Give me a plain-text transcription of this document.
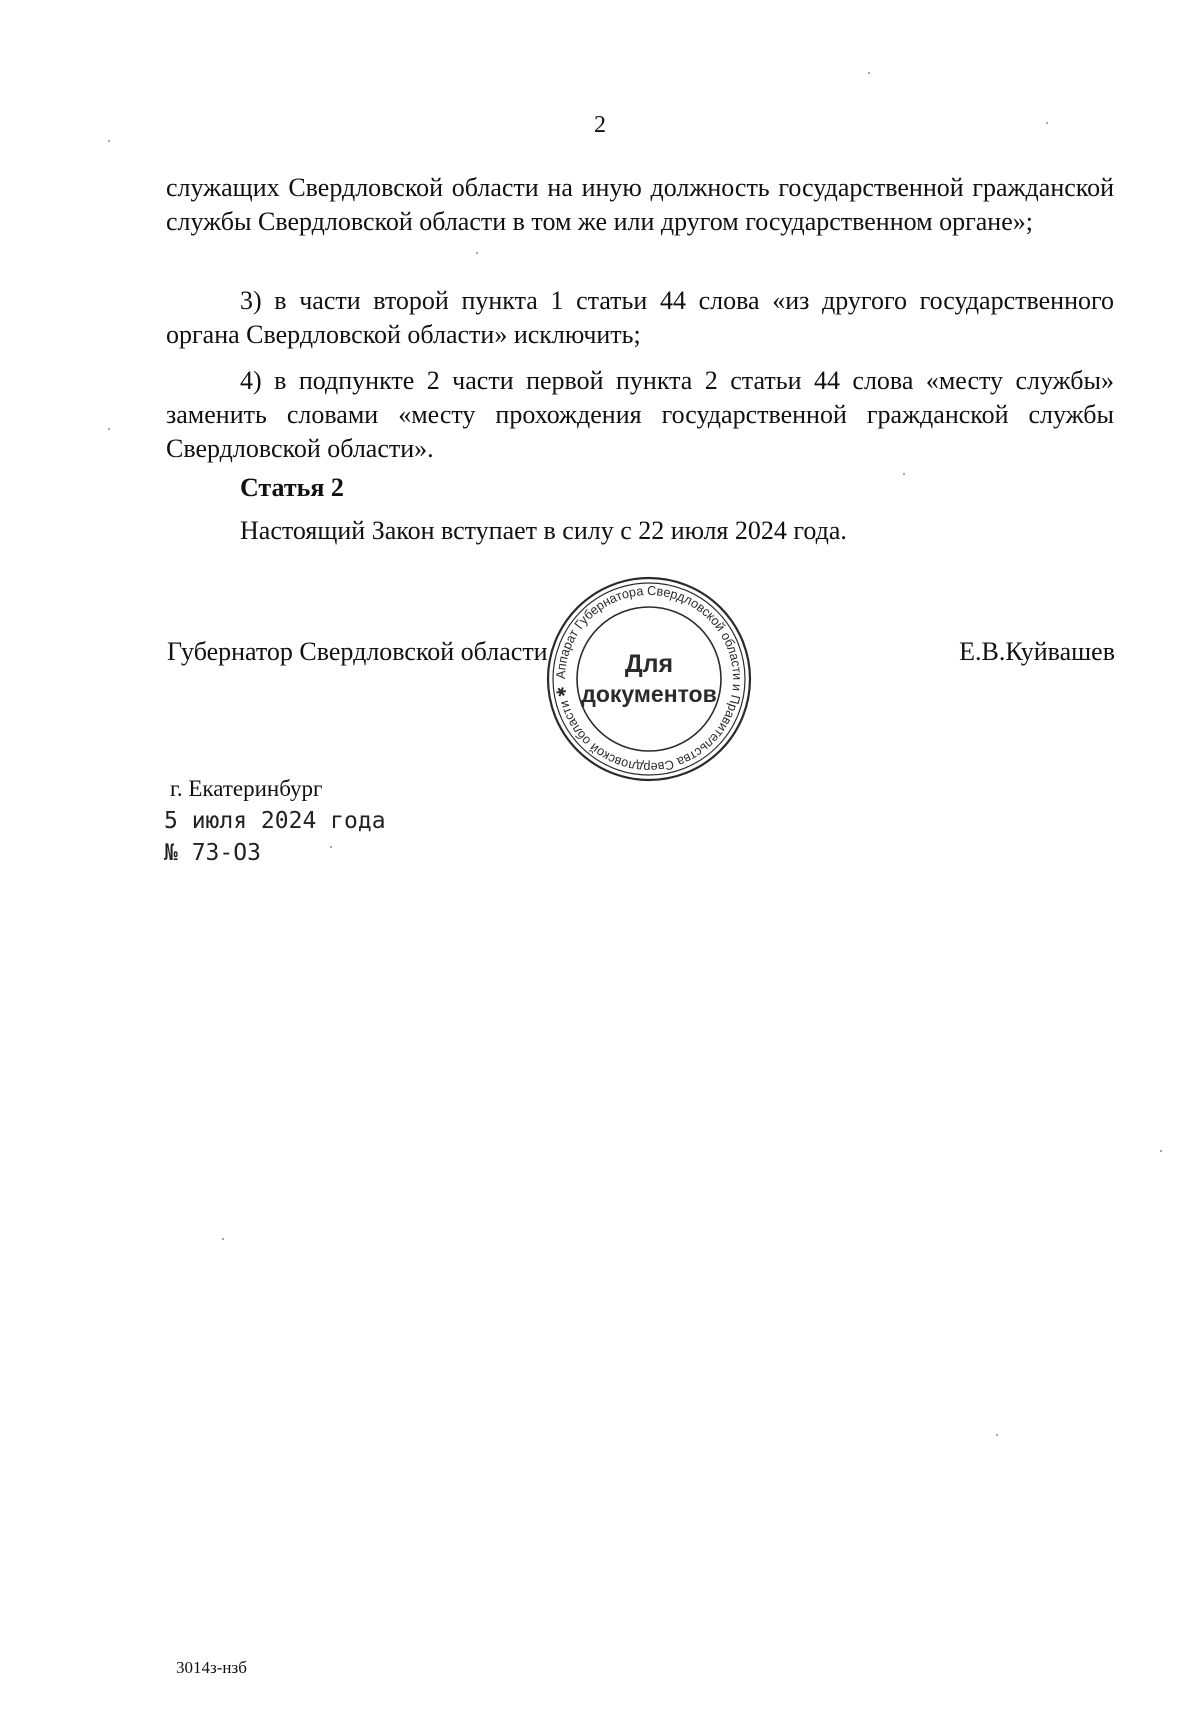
2
служащих Свердловской области на иную должность государственной гражданской службы Свердловской области в том же или другом государственном органе»;
3) в части второй пункта 1 статьи 44 слова «из другого государственного органа Свердловской области» исключить;
4) в подпункте 2 части первой пункта 2 статьи 44 слова «месту службы» заменить словами «месту прохождения государственной гражданской службы Свердловской области».
Статья 2
Настоящий Закон вступает в силу с 22 июля 2024 года.
Губернатор Свердловской области	Е.В.Куйвашев
Аппарат Губернатора Свердловской области и Правительства Свердловской области ✱
Для
документов
г. Екатеринбург
5 июля 2024 года
№ 73-ОЗ
3014з-нзб
